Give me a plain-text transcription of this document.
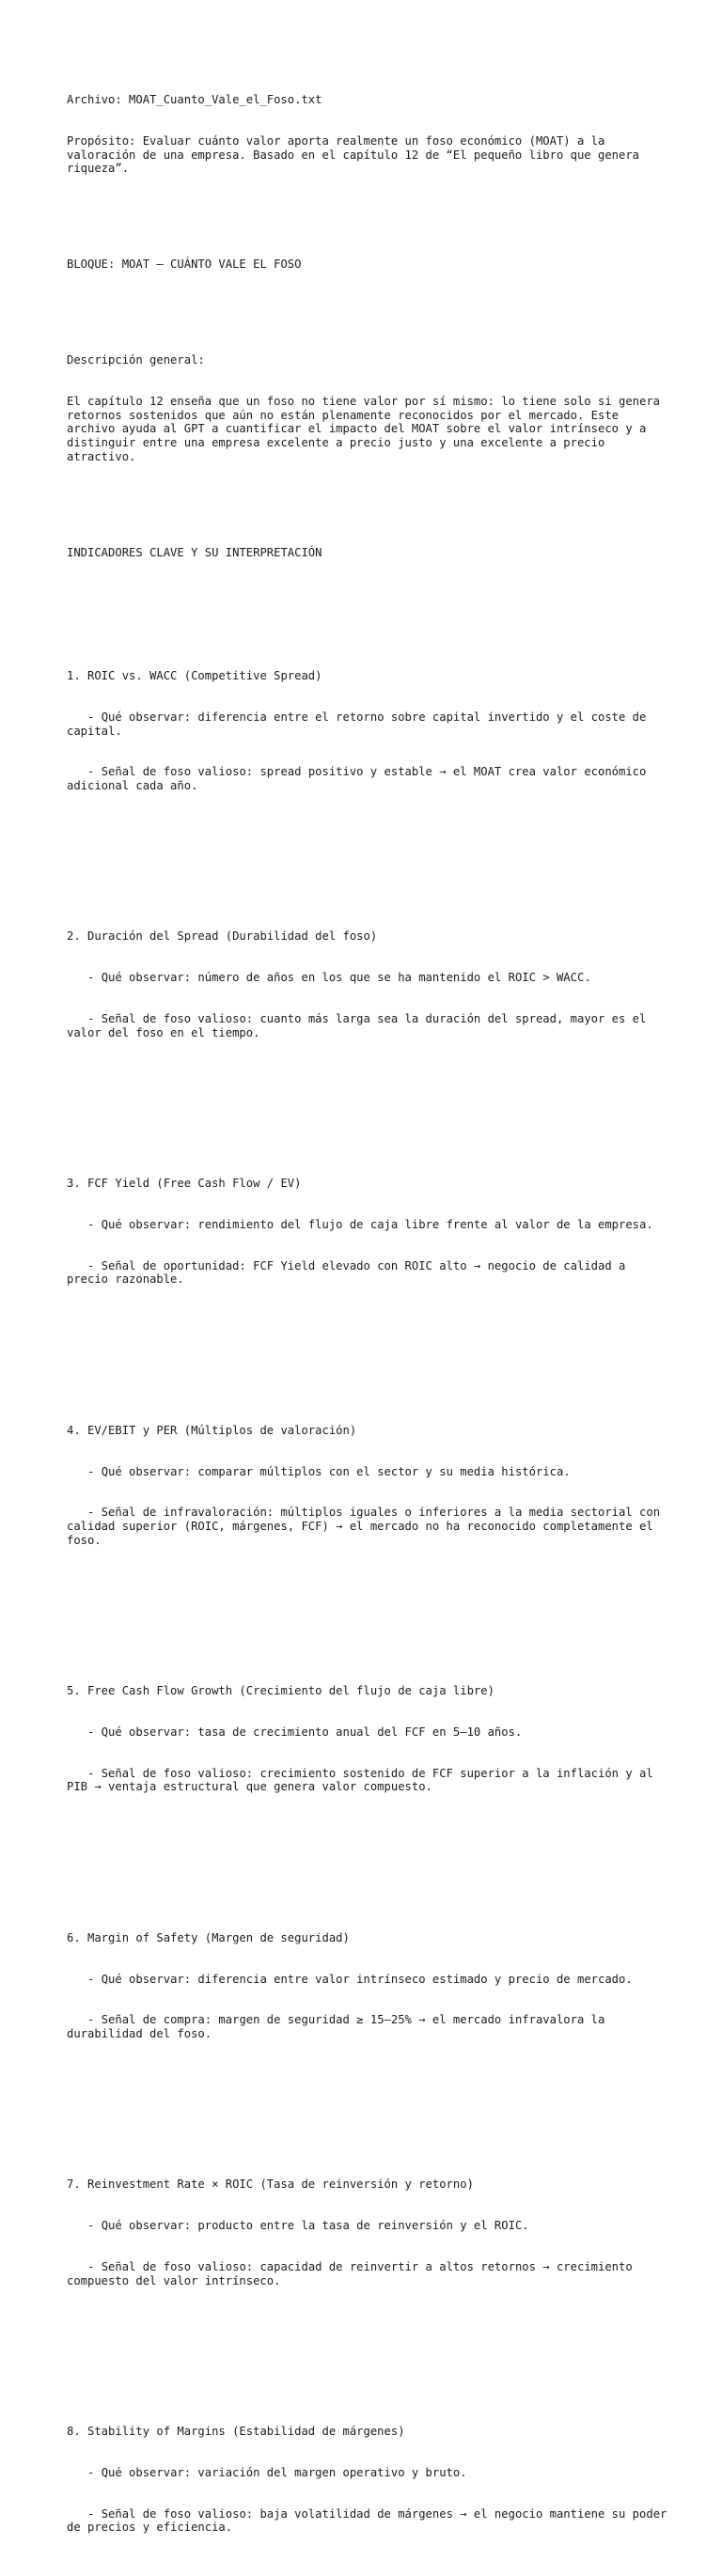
Archivo: MOAT_Cuanto_Vale_el_Foso.txt

Propósito: Evaluar cuánto valor aporta realmente un foso económico (MOAT) a la valoración de una empresa. Basado en el capítulo 12 de “El pequeño libro que genera riqueza”.

BLOQUE: MOAT — CUÁNTO VALE EL FOSO

Descripción general:

El capítulo 12 enseña que un foso no tiene valor por sí mismo: lo tiene solo si genera retornos sostenidos que aún no están plenamente reconocidos por el mercado. Este archivo ayuda al GPT a cuantificar el impacto del MOAT sobre el valor intrínseco y a distinguir entre una empresa excelente a precio justo y una excelente a precio atractivo.

INDICADORES CLAVE Y SU INTERPRETACIÓN

1. ROIC vs. WACC (Competitive Spread)

- Qué observar: diferencia entre el retorno sobre capital invertido y el coste de capital.

- Señal de foso valioso: spread positivo y estable → el MOAT crea valor económico adicional cada año.

2. Duración del Spread (Durabilidad del foso)

- Qué observar: número de años en los que se ha mantenido el ROIC > WACC.

- Señal de foso valioso: cuanto más larga sea la duración del spread, mayor es el valor del foso en el tiempo.

3. FCF Yield (Free Cash Flow / EV)

- Qué observar: rendimiento del flujo de caja libre frente al valor de la empresa.

- Señal de oportunidad: FCF Yield elevado con ROIC alto → negocio de calidad a precio razonable.

4. EV/EBIT y PER (Múltiplos de valoración)

- Qué observar: comparar múltiplos con el sector y su media histórica.

- Señal de infravaloración: múltiplos iguales o inferiores a la media sectorial con calidad superior (ROIC, márgenes, FCF) → el mercado no ha reconocido completamente el foso.

5. Free Cash Flow Growth (Crecimiento del flujo de caja libre)

- Qué observar: tasa de crecimiento anual del FCF en 5–10 años.

- Señal de foso valioso: crecimiento sostenido de FCF superior a la inflación y al PIB → ventaja estructural que genera valor compuesto.

6. Margin of Safety (Margen de seguridad)

- Qué observar: diferencia entre valor intrínseco estimado y precio de mercado.

- Señal de compra: margen de seguridad ≥ 15–25% → el mercado infravalora la durabilidad del foso.

7. Reinvestment Rate × ROIC (Tasa de reinversión y retorno)

- Qué observar: producto entre la tasa de reinversión y el ROIC.

- Señal de foso valioso: capacidad de reinvertir a altos retornos → crecimiento compuesto del valor intrínseco.

8. Stability of Margins (Estabilidad de márgenes)

- Qué observar: variación del margen operativo y bruto.

- Señal de foso valioso: baja volatilidad de márgenes → el negocio mantiene su poder de precios y eficiencia.
